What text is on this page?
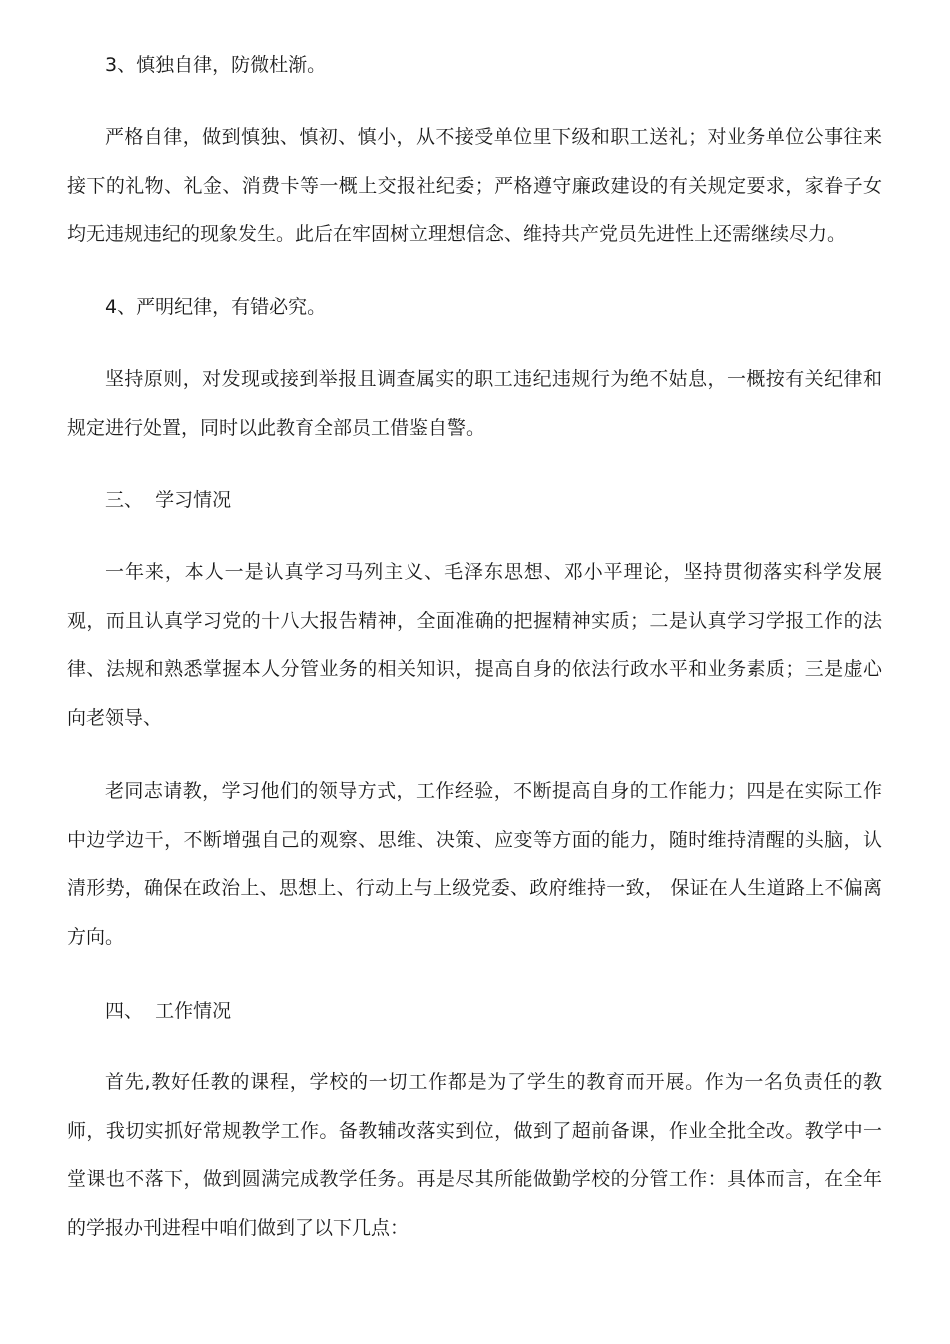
3、慎独自律，防微杜渐。

严格自律，做到慎独、慎初、慎小，从不接受单位里下级和职工送礼；对业务单位公事往来接下的礼物、礼金、消费卡等一概上交报社纪委；严格遵守廉政建设的有关规定要求，家眷子女均无违规违纪的现象发生。此后在牢固树立理想信念、维持共产党员先进性上还需继续尽力。

4、严明纪律，有错必究。

坚持原则，对发现或接到举报且调查属实的职工违纪违规行为绝不姑息，一概按有关纪律和规定进行处置，同时以此教育全部员工借鉴自警。

三、  学习情况

一年来，本人一是认真学习马列主义、毛泽东思想、邓小平理论，坚持贯彻落实科学发展观，而且认真学习党的十八大报告精神，全面准确的把握精神实质；二是认真学习学报工作的法律、法规和熟悉掌握本人分管业务的相关知识，提高自身的依法行政水平和业务素质；三是虚心向老领导、

老同志请教，学习他们的领导方式，工作经验，不断提高自身的工作能力；四是在实际工作中边学边干，不断增强自己的观察、思维、决策、应变等方面的能力，随时维持清醒的头脑，认清形势，确保在政治上、思想上、行动上与上级党委、政府维持一致， 保证在人生道路上不偏离方向。

四、  工作情况

首先,教好任教的课程，学校的一切工作都是为了学生的教育而开展。作为一名负责任的教师，我切实抓好常规教学工作。备教辅改落实到位，做到了超前备课，作业全批全改。教学中一堂课也不落下，做到圆满完成教学任务。再是尽其所能做勤学校的分管工作：具体而言，在全年的学报办刊进程中咱们做到了以下几点：
